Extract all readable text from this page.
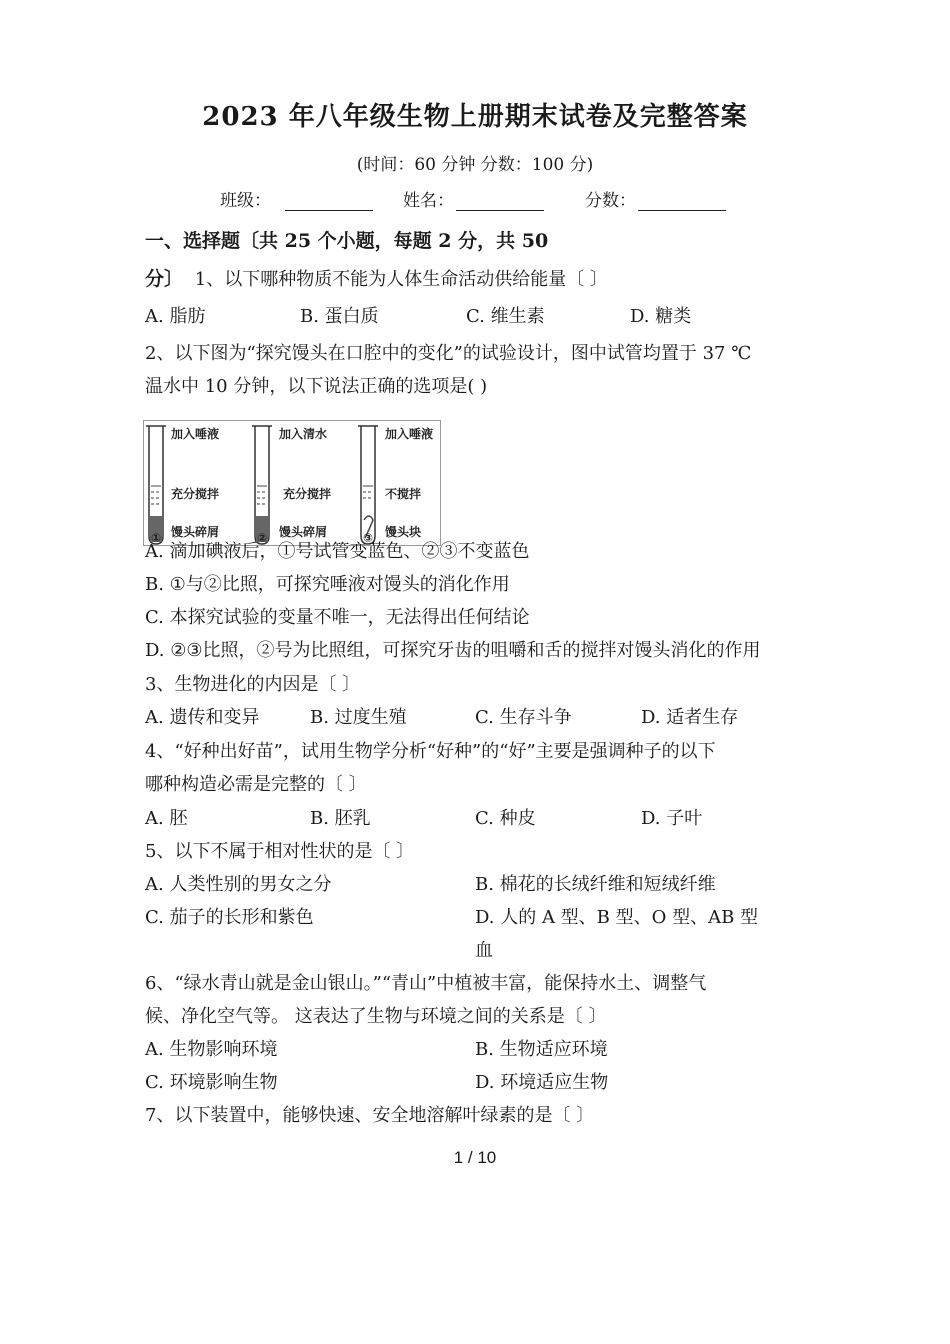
2023 年八年级生物上册期末试卷及完整答案
(时间：60 分钟 分数：100 分)
班级：	姓名：	分数：
一、选择题〔共 25 个小题，每题 2 分，共 50
分〕 1、以下哪种物质不能为人体生命活动供给能量〔 〕
A. 脂肪	B. 蛋白质	C. 维生素	D. 糖类
2、以下图为“探究馒头在口腔中的变化”的试验设计，图中试管均置于 37 ℃
温水中 10 分钟，以下说法正确的选项是( )
加入唾液
充分搅拌
馒头碎屑
①
加入清水
充分搅拌
馒头碎屑
②
加入唾液
不搅拌
馒头块
③
A. 滴加碘液后，①号试管变蓝色、②③不变蓝色
B. ①与②比照，可探究唾液对馒头的消化作用
C. 本探究试验的变量不唯一，无法得出任何结论
D. ②③比照，②号为比照组，可探究牙齿的咀嚼和舌的搅拌对馒头消化的作用
3、生物进化的内因是〔 〕
A. 遗传和变异	B. 过度生殖	C. 生存斗争	D. 适者生存
4、“好种出好苗”，试用生物学分析“好种”的“好”主要是强调种子的以下
哪种构造必需是完整的〔 〕
A. 胚	B. 胚乳	C. 种皮	D. 子叶
5、以下不属于相对性状的是〔 〕
A. 人类性别的男女之分	B. 棉花的长绒纤维和短绒纤维
C. 茄子的长形和紫色	D. 人的 A 型、B 型、O 型、AB 型
血
6、“绿水青山就是金山银山。”“青山”中植被丰富，能保持水土、调整气
候、净化空气等。 这表达了生物与环境之间的关系是〔 〕
A. 生物影响环境	B. 生物适应环境
C. 环境影响生物	D. 环境适应生物
7、以下装置中，能够快速、安全地溶解叶绿素的是〔 〕
1 / 10
